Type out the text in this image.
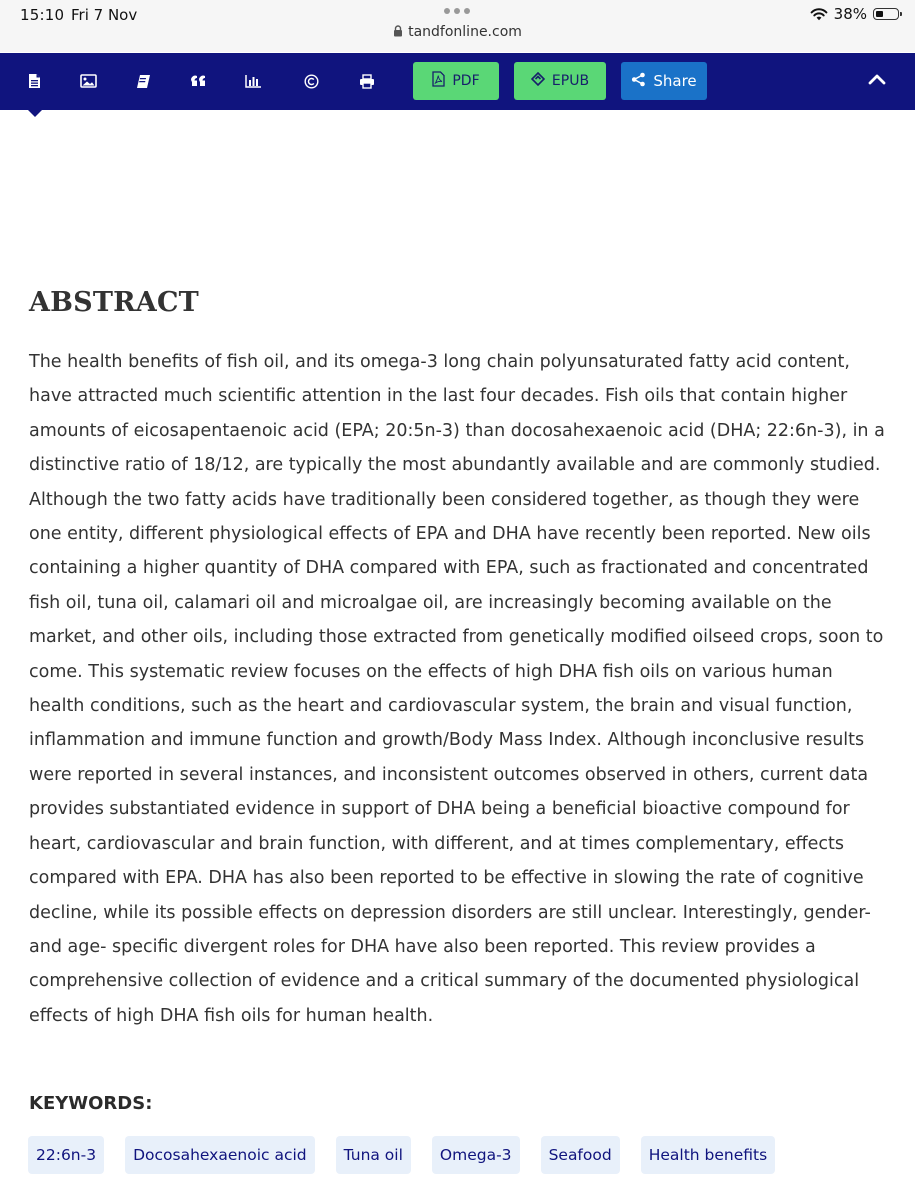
15:10 Fri 7 Nov	38%
tandfonline.com
PDF	EPUB	Share
ABSTRACT

The health benefits of fish oil, and its omega-3 long chain polyunsaturated fatty acid content, have attracted much scientific attention in the last four decades. Fish oils that contain higher amounts of eicosapentaenoic acid (EPA; 20:5n-3) than docosahexaenoic acid (DHA; 22:6n-3), in a distinctive ratio of 18/12, are typically the most abundantly available and are commonly studied. Although the two fatty acids have traditionally been considered together, as though they were one entity, different physiological effects of EPA and DHA have recently been reported. New oils containing a higher quantity of DHA compared with EPA, such as fractionated and concentrated fish oil, tuna oil, calamari oil and microalgae oil, are increasingly becoming available on the market, and other oils, including those extracted from genetically modified oilseed crops, soon to come. This systematic review focuses on the effects of high DHA fish oils on various human health conditions, such as the heart and cardiovascular system, the brain and visual function, inflammation and immune function and growth/Body Mass Index. Although inconclusive results were reported in several instances, and inconsistent outcomes observed in others, current data provides substantiated evidence in support of DHA being a beneficial bioactive compound for heart, cardiovascular and brain function, with different, and at times complementary, effects compared with EPA. DHA has also been reported to be effective in slowing the rate of cognitive decline, while its possible effects on depression disorders are still unclear. Interestingly, gender- and age- specific divergent roles for DHA have also been reported. This review provides a comprehensive collection of evidence and a critical summary of the documented physiological effects of high DHA fish oils for human health.

KEYWORDS:
22:6n-3	Docosahexaenoic acid	Tuna oil	Omega-3	Seafood	Health benefits
